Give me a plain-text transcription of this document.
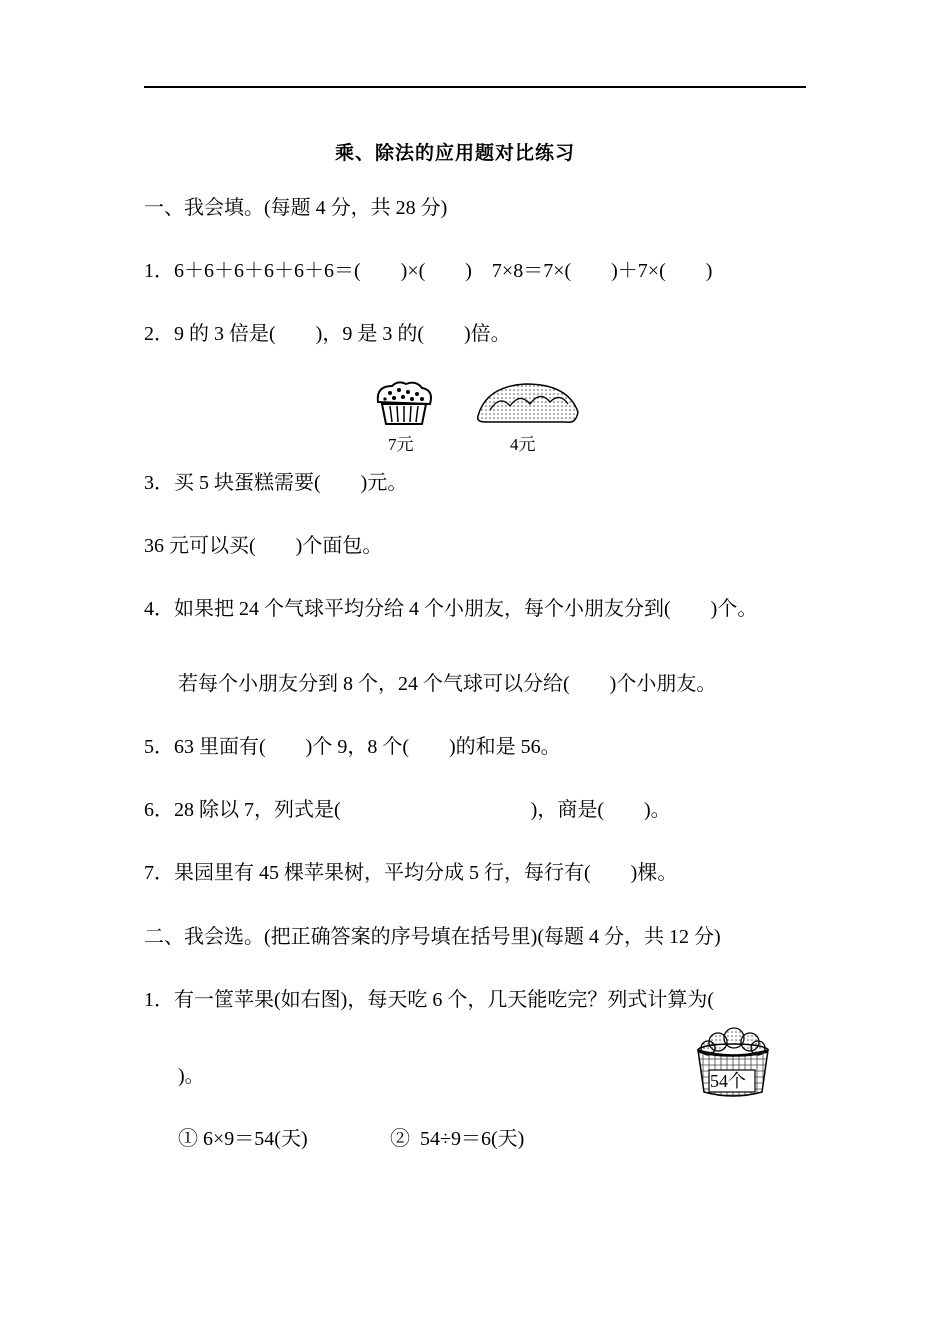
乘、除法的应用题对比练习
一、我会填。(每题 4 分，共 28 分)
1．6＋6＋6＋6＋6＋6＝(        )×(        )    7×8＝7×(        )＋7×(        )
2．9 的 3 倍是(        )，9 是 3 的(        )倍。
7元	4元
3．买 5 块蛋糕需要(        )元。
36 元可以买(        )个面包。
4．如果把 24 个气球平均分给 4 个小朋友，每个小朋友分到(        )个。
若每个小朋友分到 8 个，24 个气球可以分给(        )个小朋友。
5．63 里面有(        )个 9，8 个(        )的和是 56。
6．28 除以 7，列式是(                                      )，商是(        )。
7．果园里有 45 棵苹果树，平均分成 5 行，每行有(        )棵。
二、我会选。(把正确答案的序号填在括号里)(每题 4 分，共 12 分)
1．有一筐苹果(如右图)，每天吃 6 个，几天能吃完？列式计算为(
)。	54个
① 6×9＝54(天)	②  54÷9＝6(天)
